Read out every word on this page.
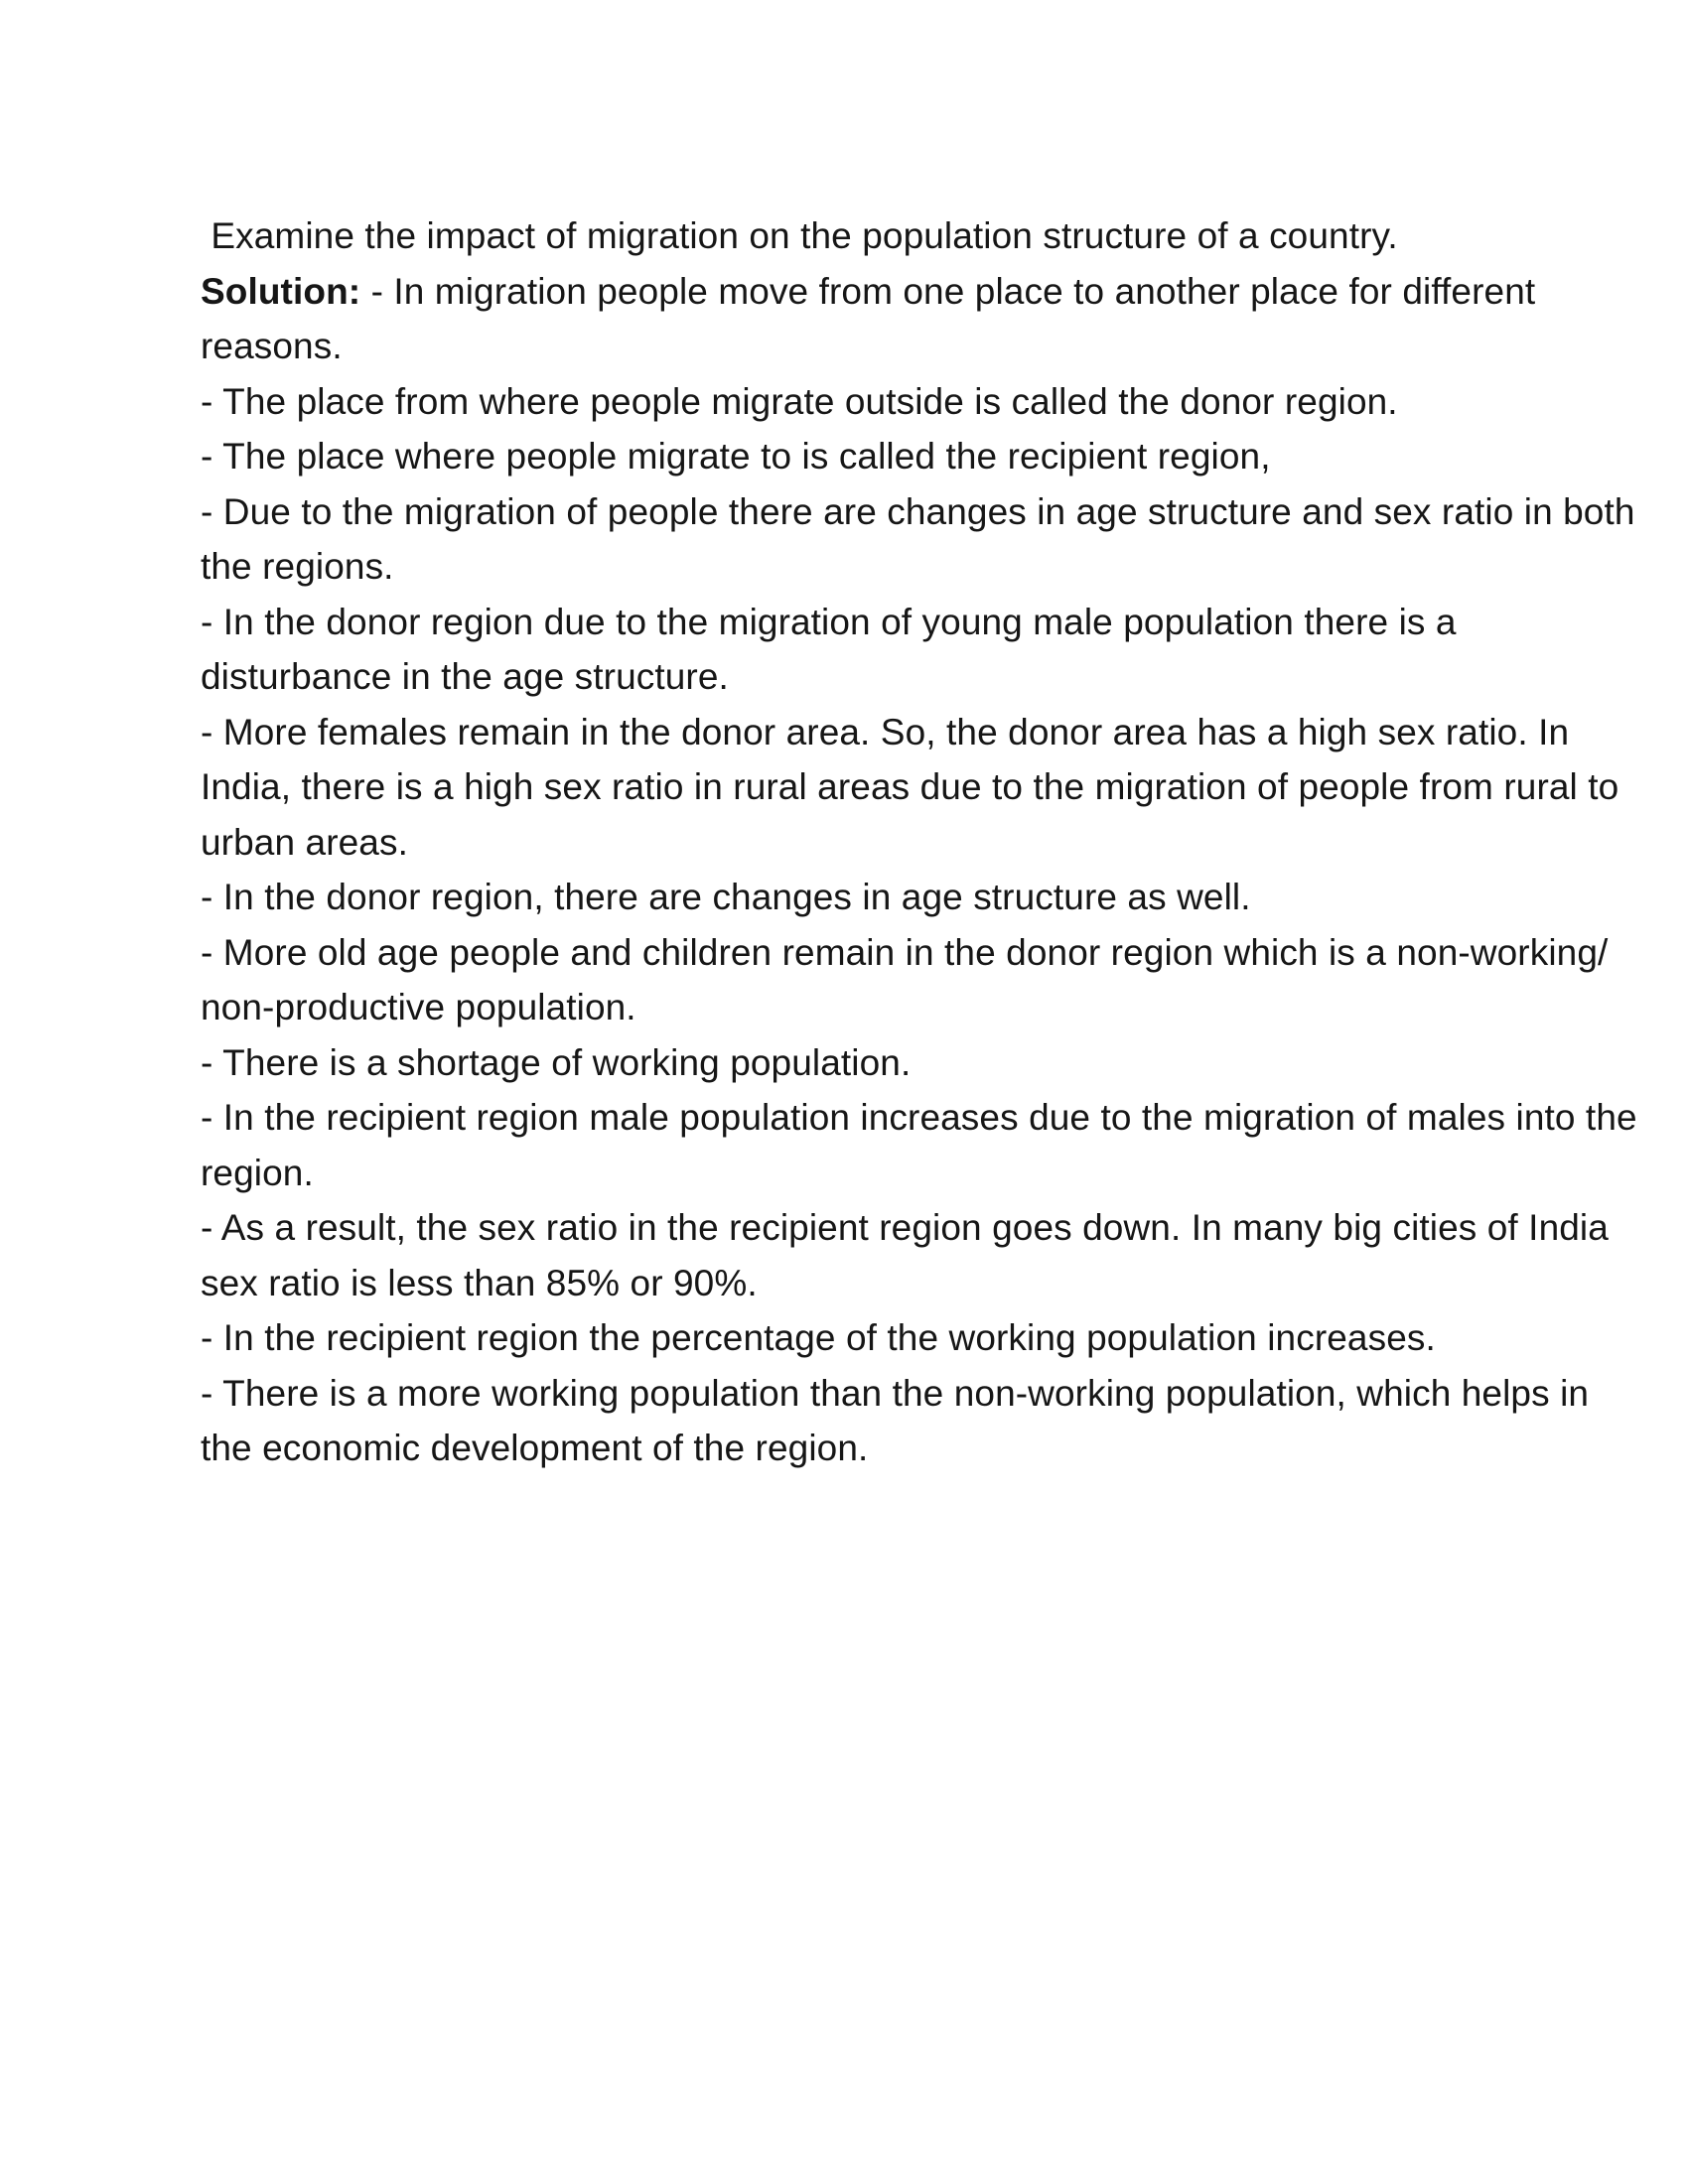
Examine the impact of migration on the population structure of a country.
Solution: - In migration people move from one place to another place for different
reasons.
- The place from where people migrate outside is called the donor region.
- The place where people migrate to is called the recipient region,
- Due to the migration of people there are changes in age structure and sex ratio in both
the regions.
- In the donor region due to the migration of young male population there is a
disturbance in the age structure.
- More females remain in the donor area. So, the donor area has a high sex ratio. In
India, there is a high sex ratio in rural areas due to the migration of people from rural to
urban areas.
- In the donor region, there are changes in age structure as well.
- More old age people and children remain in the donor region which is a non-working/
non-productive population.
- There is a shortage of working population.
- In the recipient region male population increases due to the migration of males into the
region.
- As a result, the sex ratio in the recipient region goes down. In many big cities of India
sex ratio is less than 85% or 90%.
- In the recipient region the percentage of the working population increases.
- There is a more working population than the non-working population, which helps in
the economic development of the region.
